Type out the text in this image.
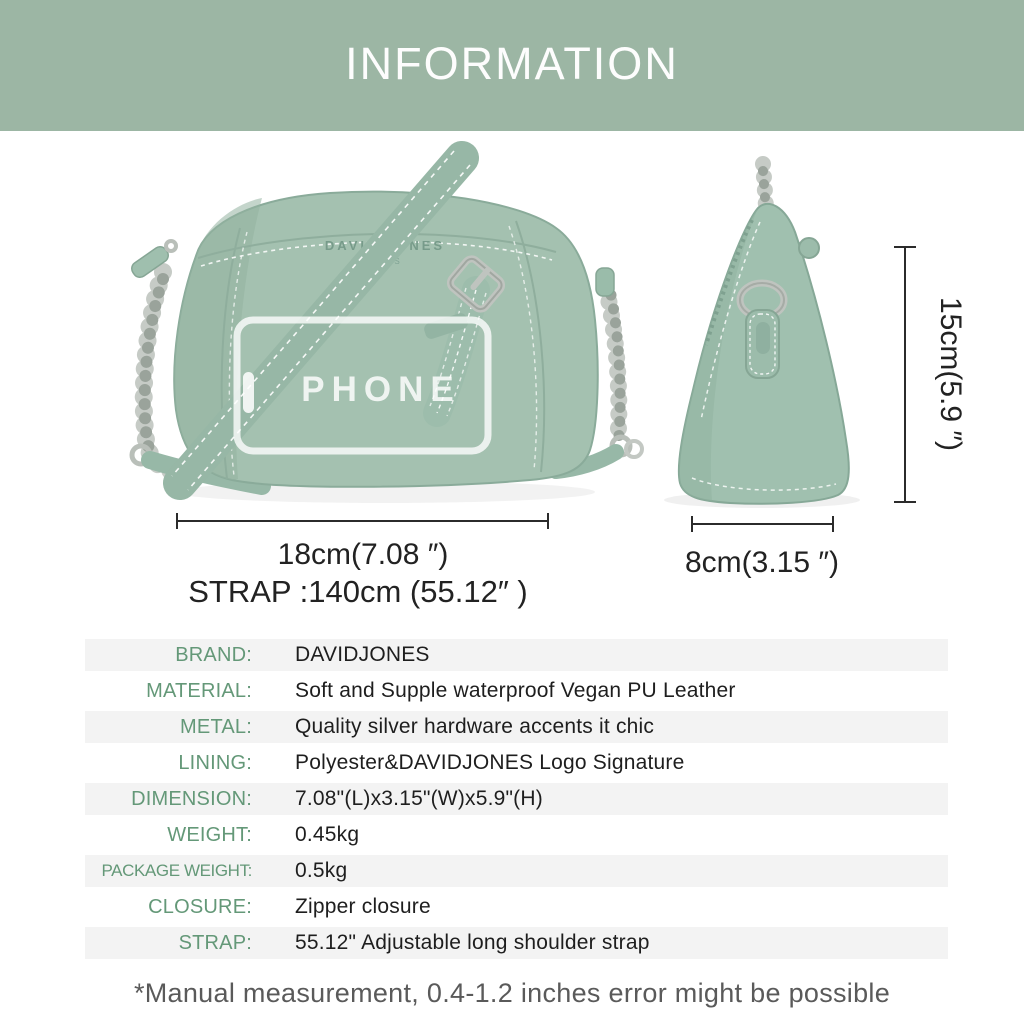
INFORMATION
DAVID JONES
PARIS
PHONE
18cm(7.08 ″)
STRAP :140cm (55.12″ )
8cm(3.15 ″)
15cm(5.9 ″)
BRAND: DAVIDJONES
MATERIAL: Soft and Supple waterproof Vegan PU Leather
METAL: Quality silver hardware accents it chic
LINING: Polyester&DAVIDJONES Logo Signature
DIMENSION: 7.08"(L)x3.15"(W)x5.9"(H)
WEIGHT: 0.45kg
PACKAGE WEIGHT: 0.5kg
CLOSURE: Zipper closure
STRAP: 55.12" Adjustable long shoulder strap
*Manual measurement, 0.4-1.2 inches error might be possible
